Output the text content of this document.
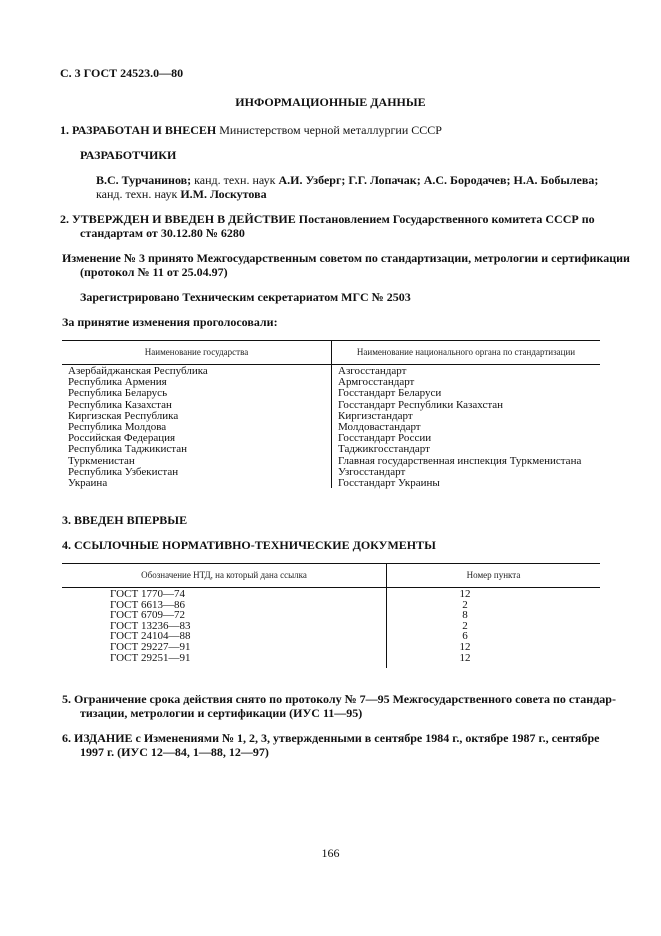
С. 3 ГОСТ 24523.0—80
ИНФОРМАЦИОННЫЕ ДАННЫЕ
1. РАЗРАБОТАН И ВНЕСЕН Министерством черной металлургии СССР
РАЗРАБОТЧИКИ
В.С. Турчанинов; канд. техн. наук А.И. Узберг; Г.Г. Лопачак; А.С. Бородачев; Н.А. Бобылева;
канд. техн. наук И.М. Лоскутова
2. УТВЕРЖДЕН И ВВЕДЕН В ДЕЙСТВИЕ Постановлением Государственного комитета СССР по
стандартам от 30.12.80 № 6280
Изменение № 3 принято Межгосударственным советом по стандартизации, метрологии и сертификации
(протокол № 11 от 25.04.97)
Зарегистрировано Техническим секретариатом МГС № 2503
За принятие изменения проголосовали:
Наименование государства	Наименование национального органа по стандартизации
Азербайджанская Республика
Республика Армения
Республика Беларусь
Республика Казахстан
Киргизская Республика
Республика Молдова
Российская Федерация
Республика Таджикистан
Туркменистан
Республика Узбекистан
Украина
Азгосстандарт
Армгосстандарт
Госстандарт Беларуси
Госстандарт Республики Казахстан
Киргизстандарт
Молдовастандарт
Госстандарт России
Таджикгосстандарт
Главная государственная инспекция Туркменистана
Узгосстандарт
Госстандарт Украины
3. ВВЕДЕН ВПЕРВЫЕ
4. ССЫЛОЧНЫЕ НОРМАТИВНО-ТЕХНИЧЕСКИЕ ДОКУМЕНТЫ
Обозначение НТД, на который дана ссылка	Номер пункта
ГОСТ 1770—74
ГОСТ 6613—86
ГОСТ 6709—72
ГОСТ 13236—83
ГОСТ 24104—88
ГОСТ 29227—91
ГОСТ 29251—91
12
2
8
2
6
12
12
5. Ограничение срока действия снято по протоколу № 7—95 Межгосударственного совета по стандар-
тизации, метрологии и сертификации (ИУС 11—95)
6. ИЗДАНИЕ с Изменениями № 1, 2, 3, утвержденными в сентябре 1984 г., октябре 1987 г., сентябре
1997 г. (ИУС 12—84, 1—88, 12—97)
166
